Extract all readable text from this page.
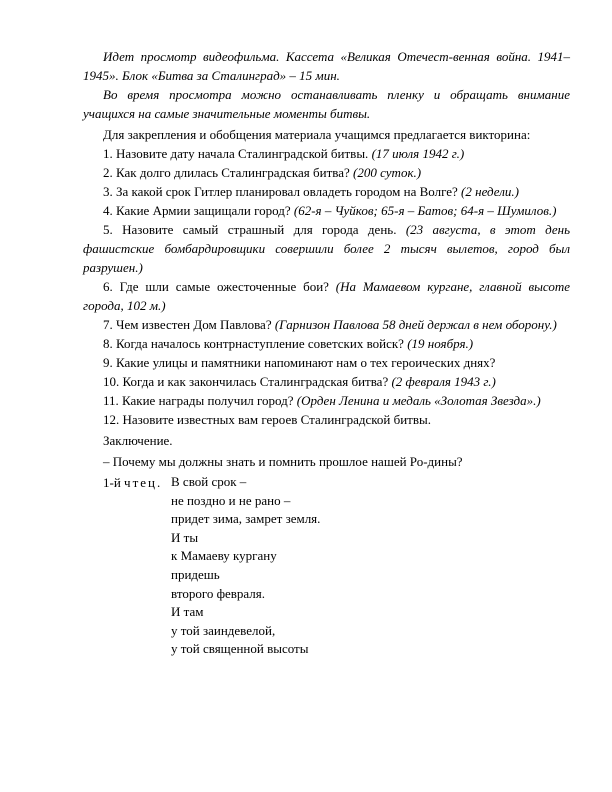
Идет просмотр видеофильма. Кассета «Великая Отечест-венная война. 1941–1945». Блок «Битва за Сталинград» – 15 мин.

Во время просмотра можно останавливать пленку и обращать внимание учащихся на самые значительные моменты битвы.

Для закрепления и обобщения материала учащимся предлагается викторина:

1. Назовите дату начала Сталинградской битвы. (17 июля 1942 г.)

2. Как долго длилась Сталинградская битва? (200 суток.)

3. За какой срок Гитлер планировал овладеть городом на Волге? (2 недели.)

4. Какие Армии защищали город? (62-я – Чуйков; 65-я – Батов; 64-я – Шумилов.)

5. Назовите самый страшный для города день. (23 августа, в этот день фашистские бомбардировщики совершили более 2 тысяч вылетов, город был разрушен.)

6. Где шли самые ожесточенные бои? (На Мамаевом кургане, главной высоте города, 102 м.)

7. Чем известен Дом Павлова? (Гарнизон Павлова 58 дней держал в нем оборону.)

8. Когда началось контрнаступление советских войск? (19 ноября.)

9. Какие улицы и памятники напоминают нам о тех героических днях?

10. Когда и как закончилась Сталинградская битва? (2 февраля 1943 г.)

11. Какие награды получил город? (Орден Ленина и медаль «Золотая Звезда».)

12. Назовите известных вам героев Сталинградской битвы.

Заключение.

– Почему мы должны знать и помнить прошлое нашей Ро-дины?

1-й чтец. В свой срок –
не поздно и не рано –
придет зима, замрет земля.
И ты
к Мамаеву кургану
придешь
второго февраля.
И там
у той заиндевелой,
у той священной высоты
